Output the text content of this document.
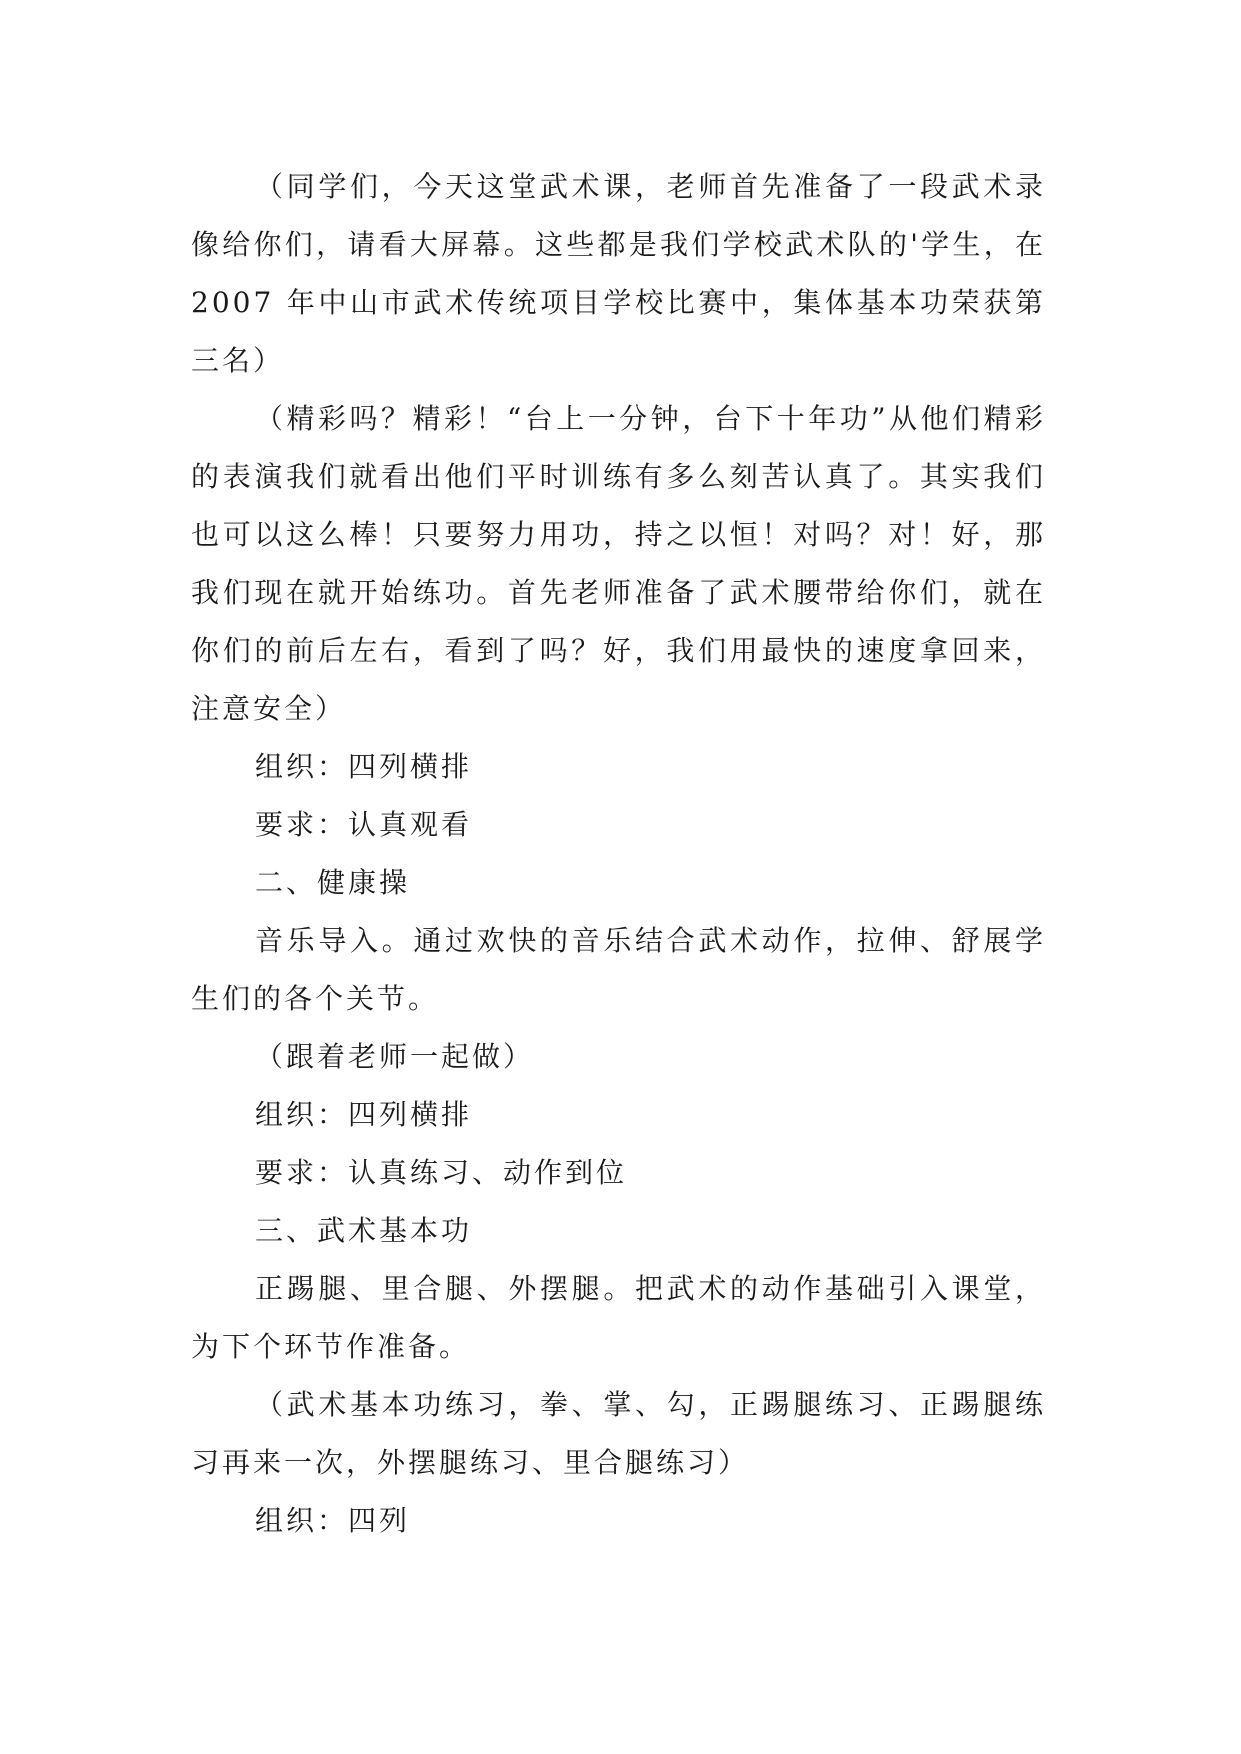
（同学们，今天这堂武术课，老师首先准备了一段武术录像给你们，请看大屏幕。这些都是我们学校武术队的'学生，在 2007 年中山市武术传统项目学校比赛中，集体基本功荣获第三名）

（精彩吗？精彩！“台上一分钟，台下十年功”从他们精彩的表演我们就看出他们平时训练有多么刻苦认真了。其实我们也可以这么棒！只要努力用功，持之以恒！对吗？对！好，那我们现在就开始练功。首先老师准备了武术腰带给你们，就在你们的前后左右，看到了吗？好，我们用最快的速度拿回来，注意安全）

组织：四列横排

要求：认真观看

二、健康操

音乐导入。通过欢快的音乐结合武术动作，拉伸、舒展学生们的各个关节。

（跟着老师一起做）

组织：四列横排

要求：认真练习、动作到位

三、武术基本功

正踢腿、里合腿、外摆腿。把武术的动作基础引入课堂，为下个环节作准备。

（武术基本功练习，拳、掌、勾，正踢腿练习、正踢腿练习再来一次，外摆腿练习、里合腿练习）

组织：四列
